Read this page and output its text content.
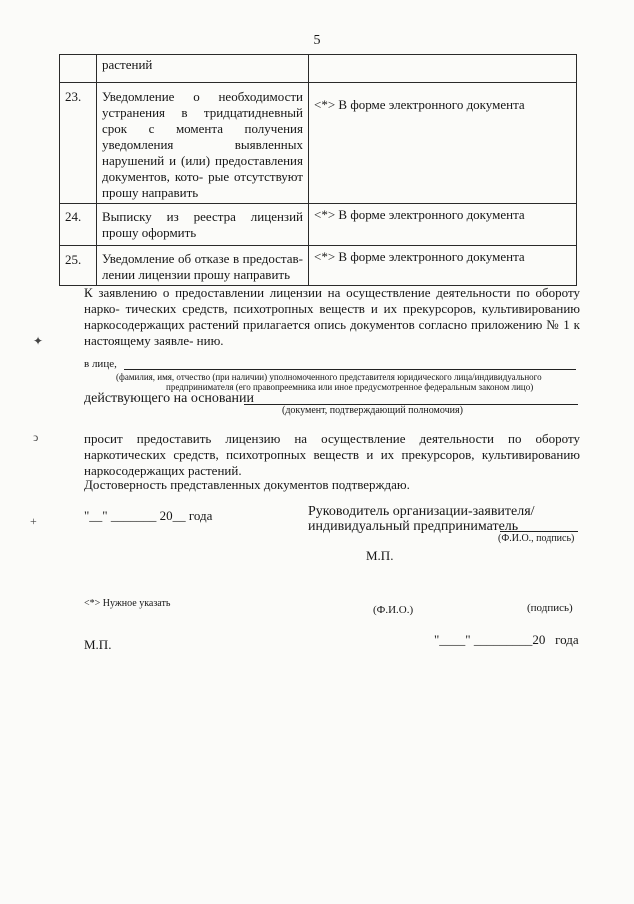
5
	растений	
23.	Уведомление о необходимости устранения в тридцатидневный срок с момента получения уведомления выявленных нарушений и (или) предоставления документов, кото- рые отсутствуют прошу направить	<*> В форме электронного документа
24.	Выписку из реестра лицензий прошу оформить	<*> В форме электронного документа
25.	Уведомление об отказе в предостав- лении лицензии прошу направить	<*> В форме электронного документа
К заявлению о предоставлении лицензии на осуществление деятельности по обороту нарко- тических средств, психотропных веществ и их прекурсоров, культивированию наркосодержащих растений прилагается опись документов согласно приложению № 1 к настоящему заявле- нию.
в лице,
(фамилия, имя, отчество (при наличии) уполномоченного представителя юридического лица/индивидуального
предпринимателя (его правопреемника или иное предусмотренное федеральным законом лицо)
действующего на основании
(документ, подтверждающий полномочия)
просит предоставить лицензию на осуществление деятельности по обороту наркотических средств, психотропных веществ и их прекурсоров, культивированию наркосодержащих растений.
Достоверность представленных документов подтверждаю.
"__" _______ 20__ года	Руководитель организации-заявителя/
индивидуальный предприниматель
(Ф.И.О., подпись)
М.П.
<*> Нужное указать
(Ф.И.О.)	(подпись)
М.П.	"____" _________20 года
✦
ↄ
+
